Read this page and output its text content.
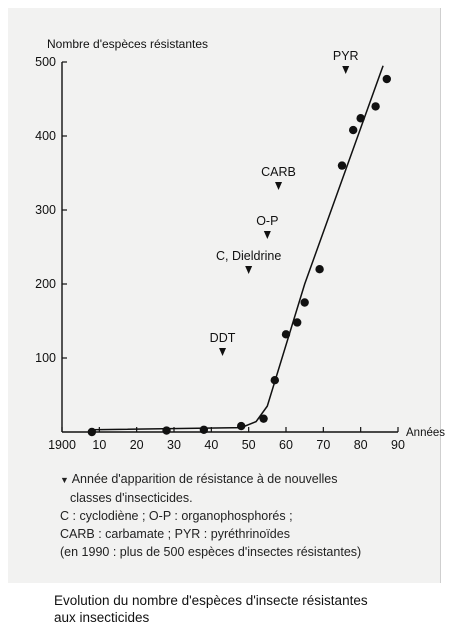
100
200
300
400
500
1900 10 20 30 40 50 60 70 80 90
Nombre d'espèces résistantes
Années
DDT
C, Dieldrine
O-P
CARB
PYR
▼ Année d'apparition de résistance à de nouvelles
classes d'insecticides.
C : cyclodiène ; O-P : organophosphorés ;
CARB : carbamate ; PYR : pyréthrinoïdes
(en 1990 : plus de 500 espèces d'insectes résistantes)
Evolution du nombre d'espèces d'insecte résistantes
aux insecticides
